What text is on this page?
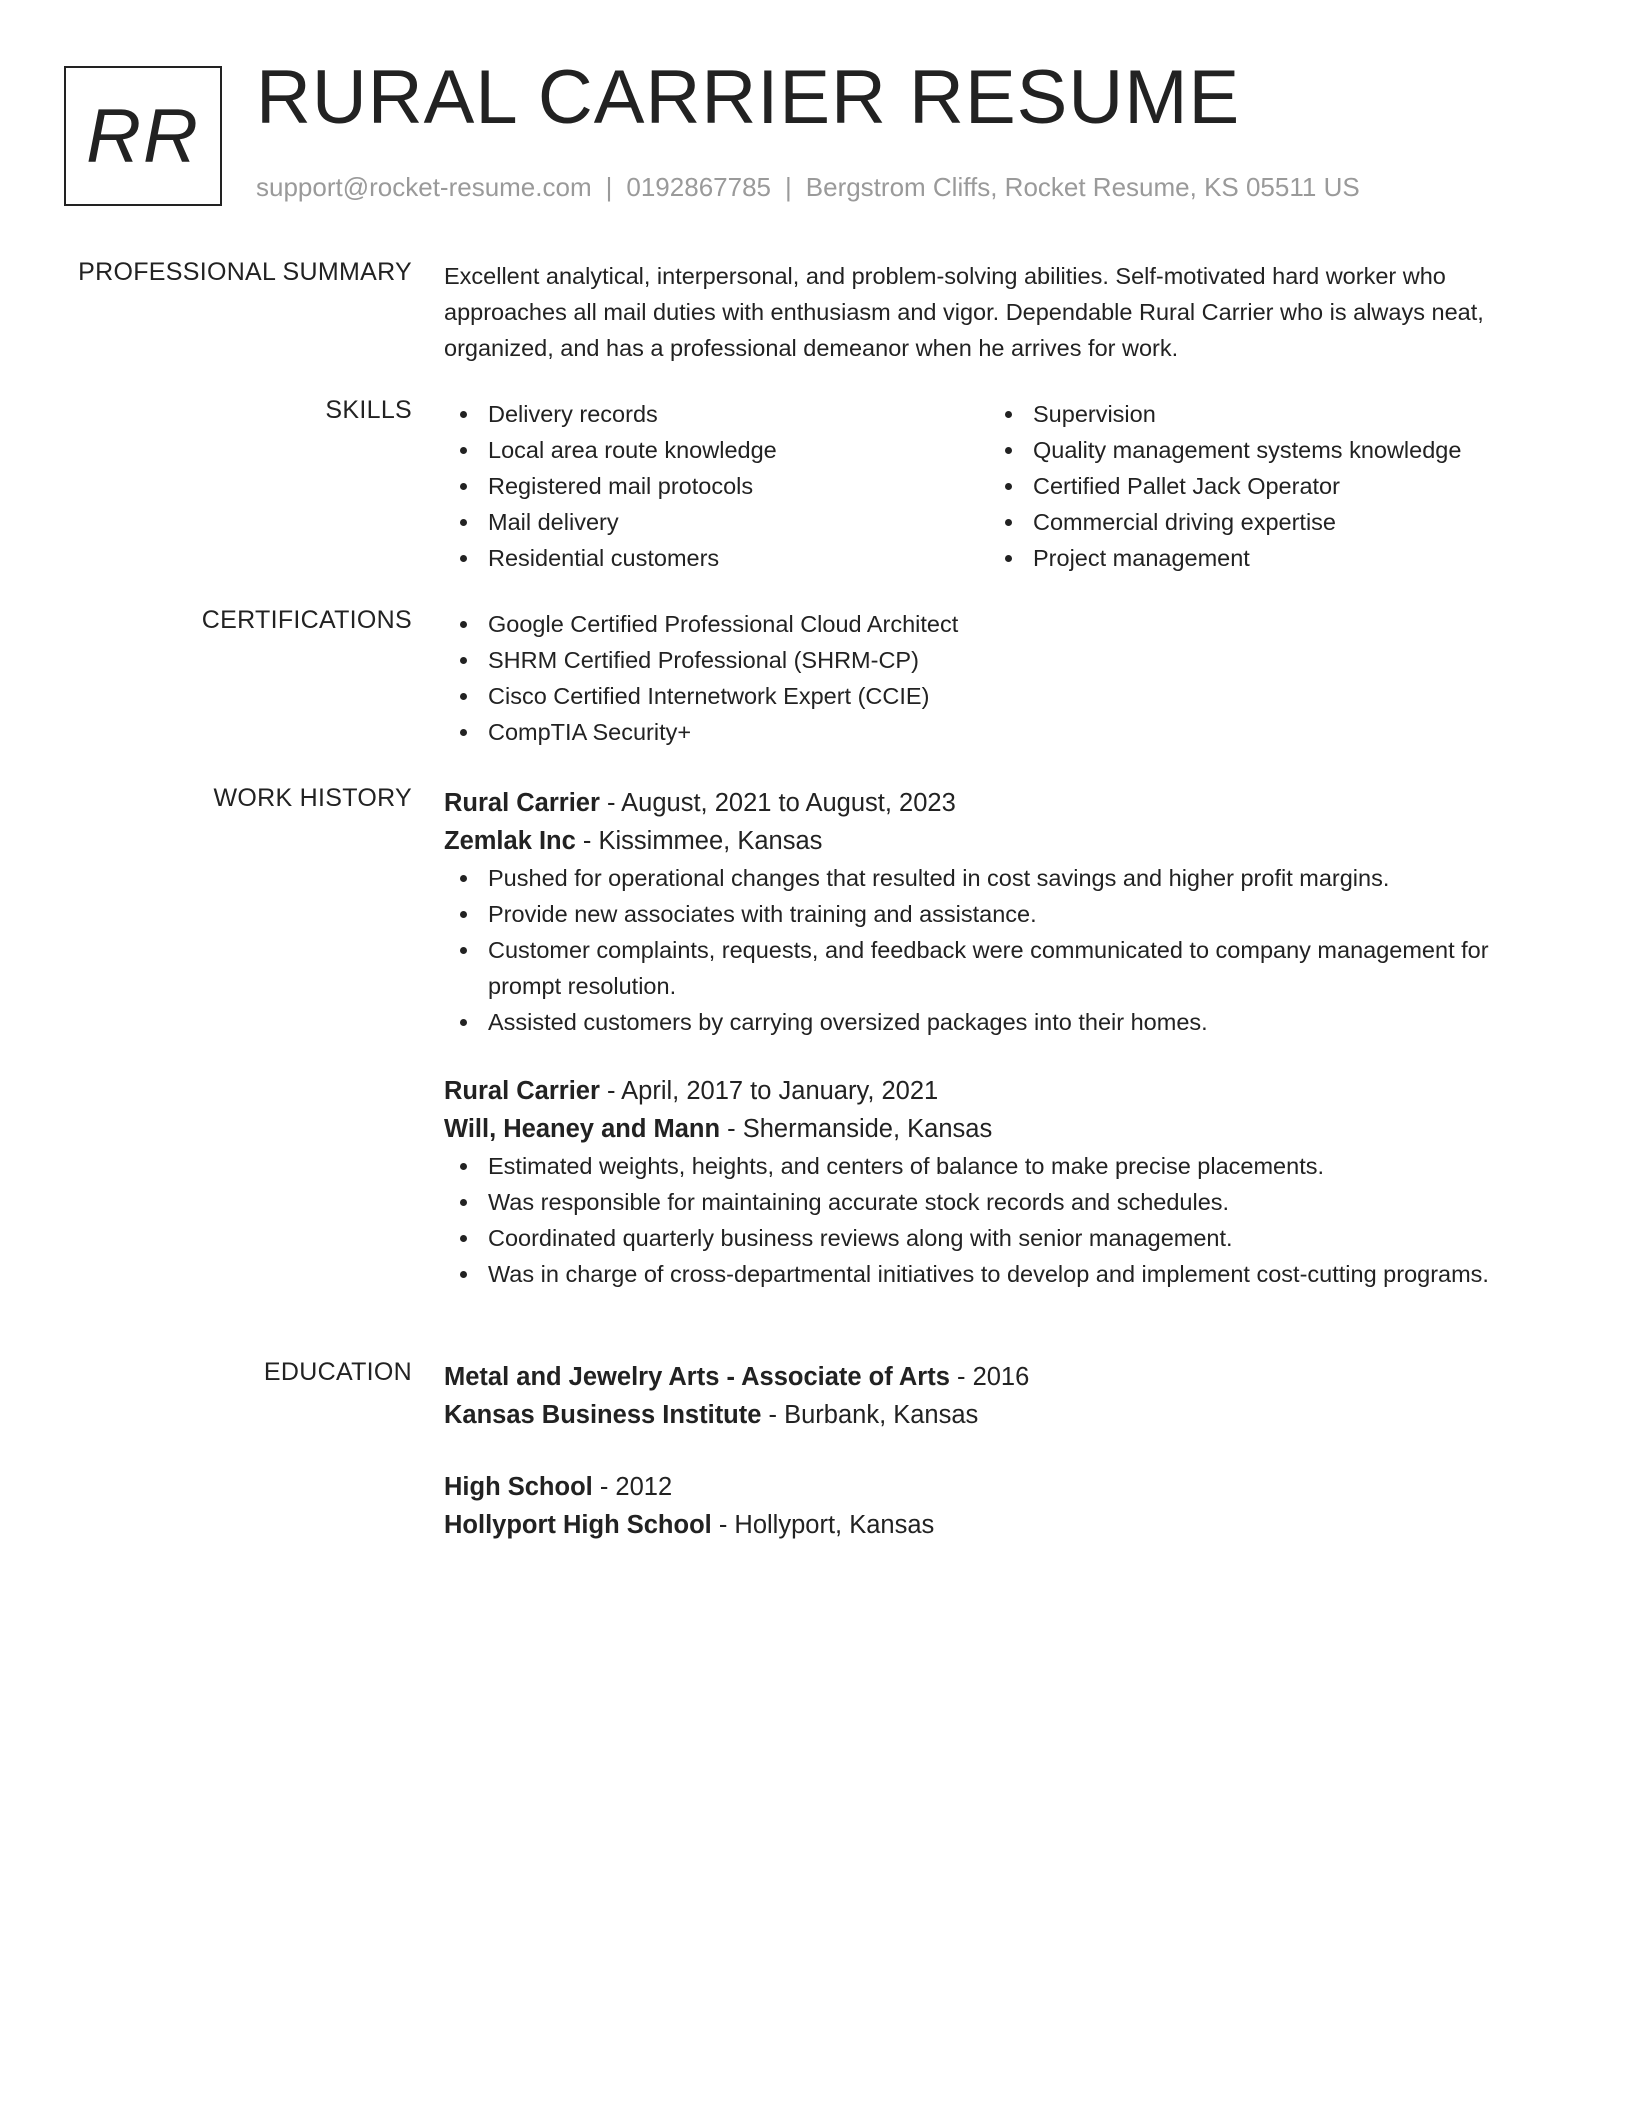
RR RURAL CARRIER RESUME
support@rocket-resume.com | 0192867785 | Bergstrom Cliffs, Rocket Resume, KS 05511 US
PROFESSIONAL SUMMARY Excellent analytical, interpersonal, and problem-solving abilities. Self-motivated hard worker who approaches all mail duties with enthusiasm and vigor. Dependable Rural Carrier who is always neat, organized, and has a professional demeanor when he arrives for work.

SKILLS	Delivery records
Local area route knowledge
Registered mail protocols
Mail delivery
Residential customers
Supervision
Quality management systems knowledge
Certified Pallet Jack Operator
Commercial driving expertise
Project management
CERTIFICATIONS	Google Certified Professional Cloud Architect
SHRM Certified Professional (SHRM-CP)
Cisco Certified Internetwork Expert (CCIE)
CompTIA Security+
WORK HISTORY Rural Carrier - August, 2021 to August, 2023
Zemlak Inc - Kissimmee, Kansas
Pushed for operational changes that resulted in cost savings and higher profit margins.
Provide new associates with training and assistance.
Customer complaints, requests, and feedback were communicated to company management for prompt resolution.
Assisted customers by carrying oversized packages into their homes.
Rural Carrier - April, 2017 to January, 2021
Will, Heaney and Mann - Shermanside, Kansas
Estimated weights, heights, and centers of balance to make precise placements.
Was responsible for maintaining accurate stock records and schedules.
Coordinated quarterly business reviews along with senior management.
Was in charge of cross-departmental initiatives to develop and implement cost-cutting programs.
EDUCATION Metal and Jewelry Arts - Associate of Arts - 2016
Kansas Business Institute - Burbank, Kansas
High School - 2012
Hollyport High School - Hollyport, Kansas
